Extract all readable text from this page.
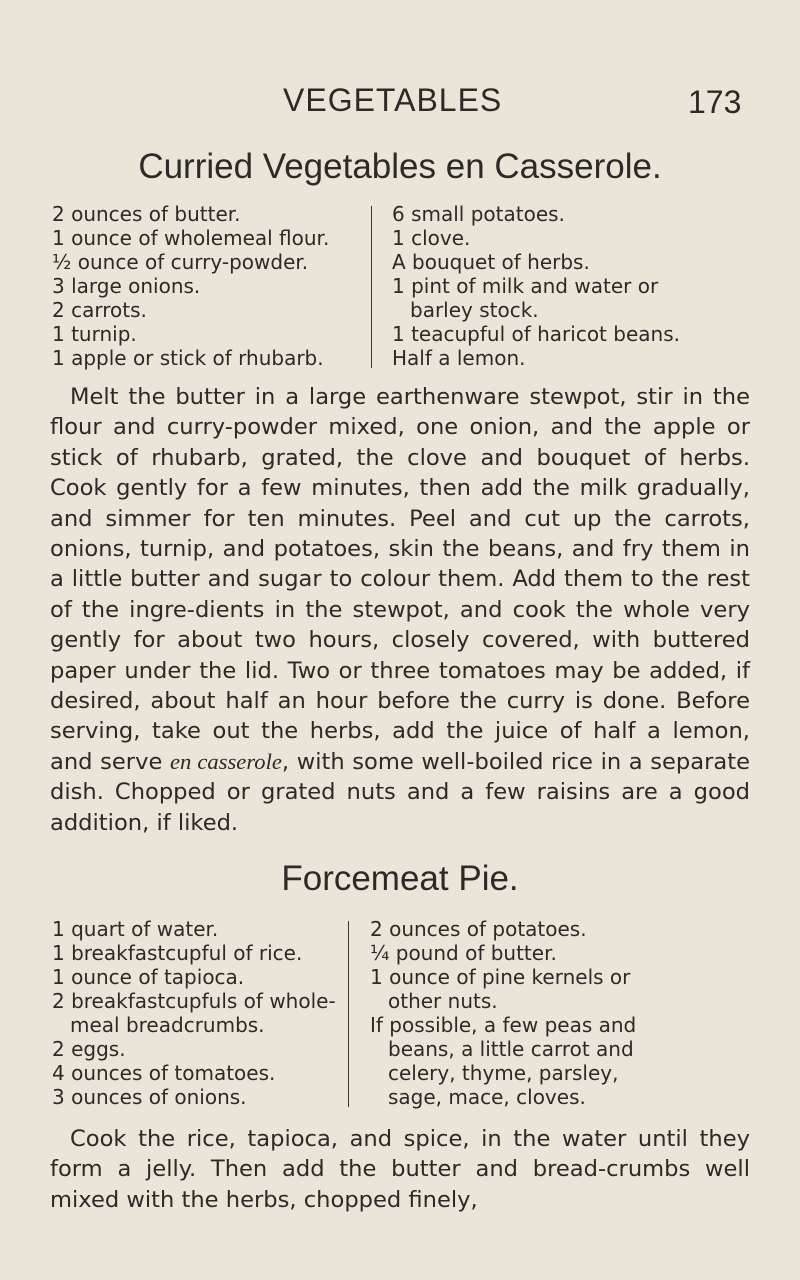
VEGETABLES	173
Curried Vegetables en Casserole.
2 ounces of butter.
1 ounce of wholemeal flour.
½ ounce of curry-powder.
3 large onions.
2 carrots.
1 turnip.
1 apple or stick of rhubarb.
6 small potatoes.
1 clove.
A bouquet of herbs.
1 pint of milk and water or
barley stock.
1 teacupful of haricot beans.
Half a lemon.

Melt the butter in a large earthenware stewpot, stir in the flour and curry-powder mixed, one onion, and the apple or stick of rhubarb, grated, the clove and bouquet of herbs. Cook gently for a few minutes, then add the milk gradually, and simmer for ten minutes. Peel and cut up the carrots, onions, turnip, and potatoes, skin the beans, and fry them in a little butter and sugar to colour them. Add them to the rest of the ingre-dients in the stewpot, and cook the whole very gently for about two hours, closely covered, with buttered paper under the lid. Two or three tomatoes may be added, if desired, about half an hour before the curry is done. Before serving, take out the herbs, add the juice of half a lemon, and serve en casserole, with some well-boiled rice in a separate dish. Chopped or grated nuts and a few raisins are a good addition, if liked.

Forcemeat Pie.
1 quart of water.
1 breakfastcupful of rice.
1 ounce of tapioca.
2 breakfastcupfuls of whole-
meal breadcrumbs.
2 eggs.
4 ounces of tomatoes.
3 ounces of onions.
2 ounces of potatoes.
¼ pound of butter.
1 ounce of pine kernels or
other nuts.
If possible, a few peas and
beans, a little carrot and
celery, thyme, parsley,
sage, mace, cloves.

Cook the rice, tapioca, and spice, in the water until they form a jelly. Then add the butter and bread-crumbs well mixed with the herbs, chopped finely,
